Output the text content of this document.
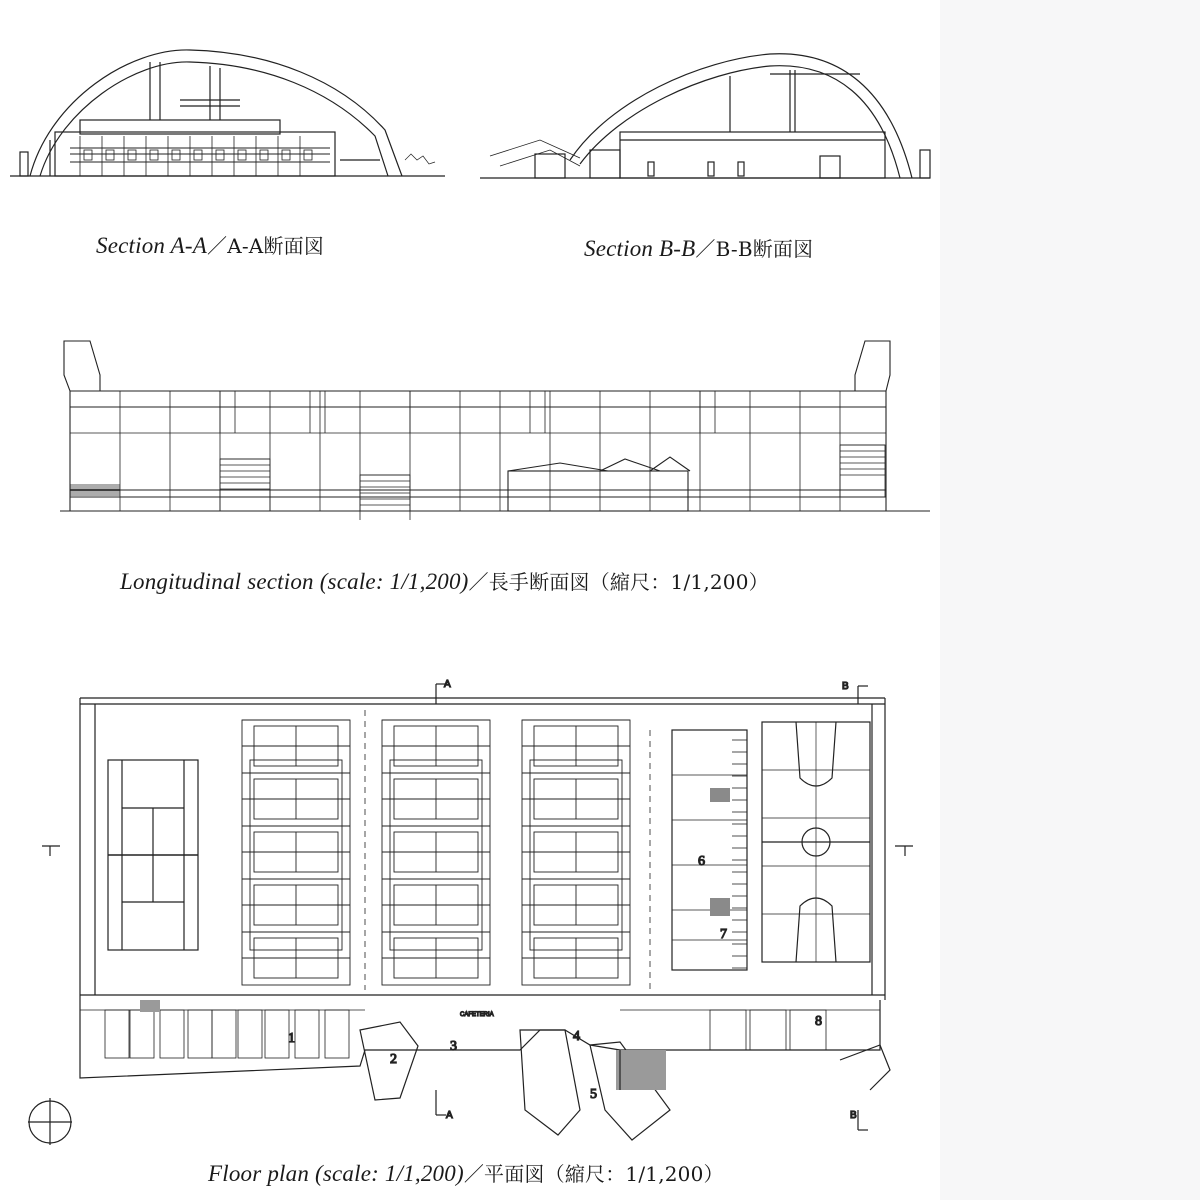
Section A-A／A-A断面図	Section B-B／B-B断面図
Longitudinal section (scale: 1/1,200)／長手断面図（縮尺：1/1,200）
A
A
B
B
6
7
8
2
1
3
4
5
CAFETERIA
Floor plan (scale: 1/1,200)／平面図（縮尺：1/1,200）
